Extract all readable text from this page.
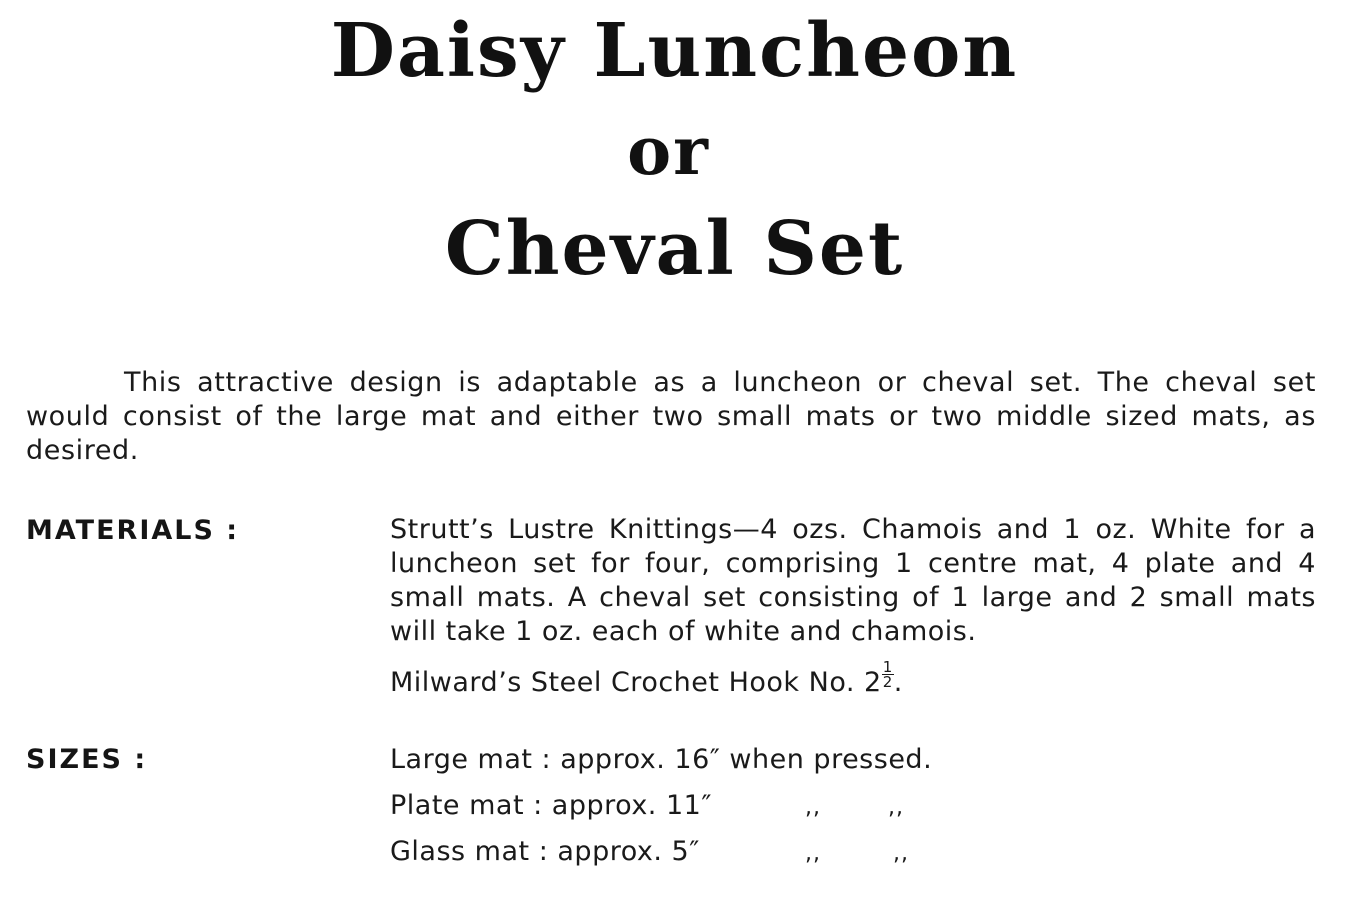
Daisy Luncheon
or
Cheval Set

This attractive design is adaptable as a luncheon or cheval set. The cheval set would consist of the large mat and either two small mats or two middle sized mats, as desired.

MATERIALS :	Strutt’s Lustre Knittings—4 ozs. Chamois and 1 oz. White for a luncheon set for four, comprising 1 centre mat, 4 plate and 4 small mats. A cheval set consisting of 1 large and 2 small mats will take 1 oz. each of white and chamois.
Milward’s Steel Crochet Hook No. $2 \frac{1}{2}$ .
SIZES :	Large mat : approx. 16″ when pressed.
Plate mat : approx. 11″	,,	,,
Glass mat : approx. 5″	,,	,,
